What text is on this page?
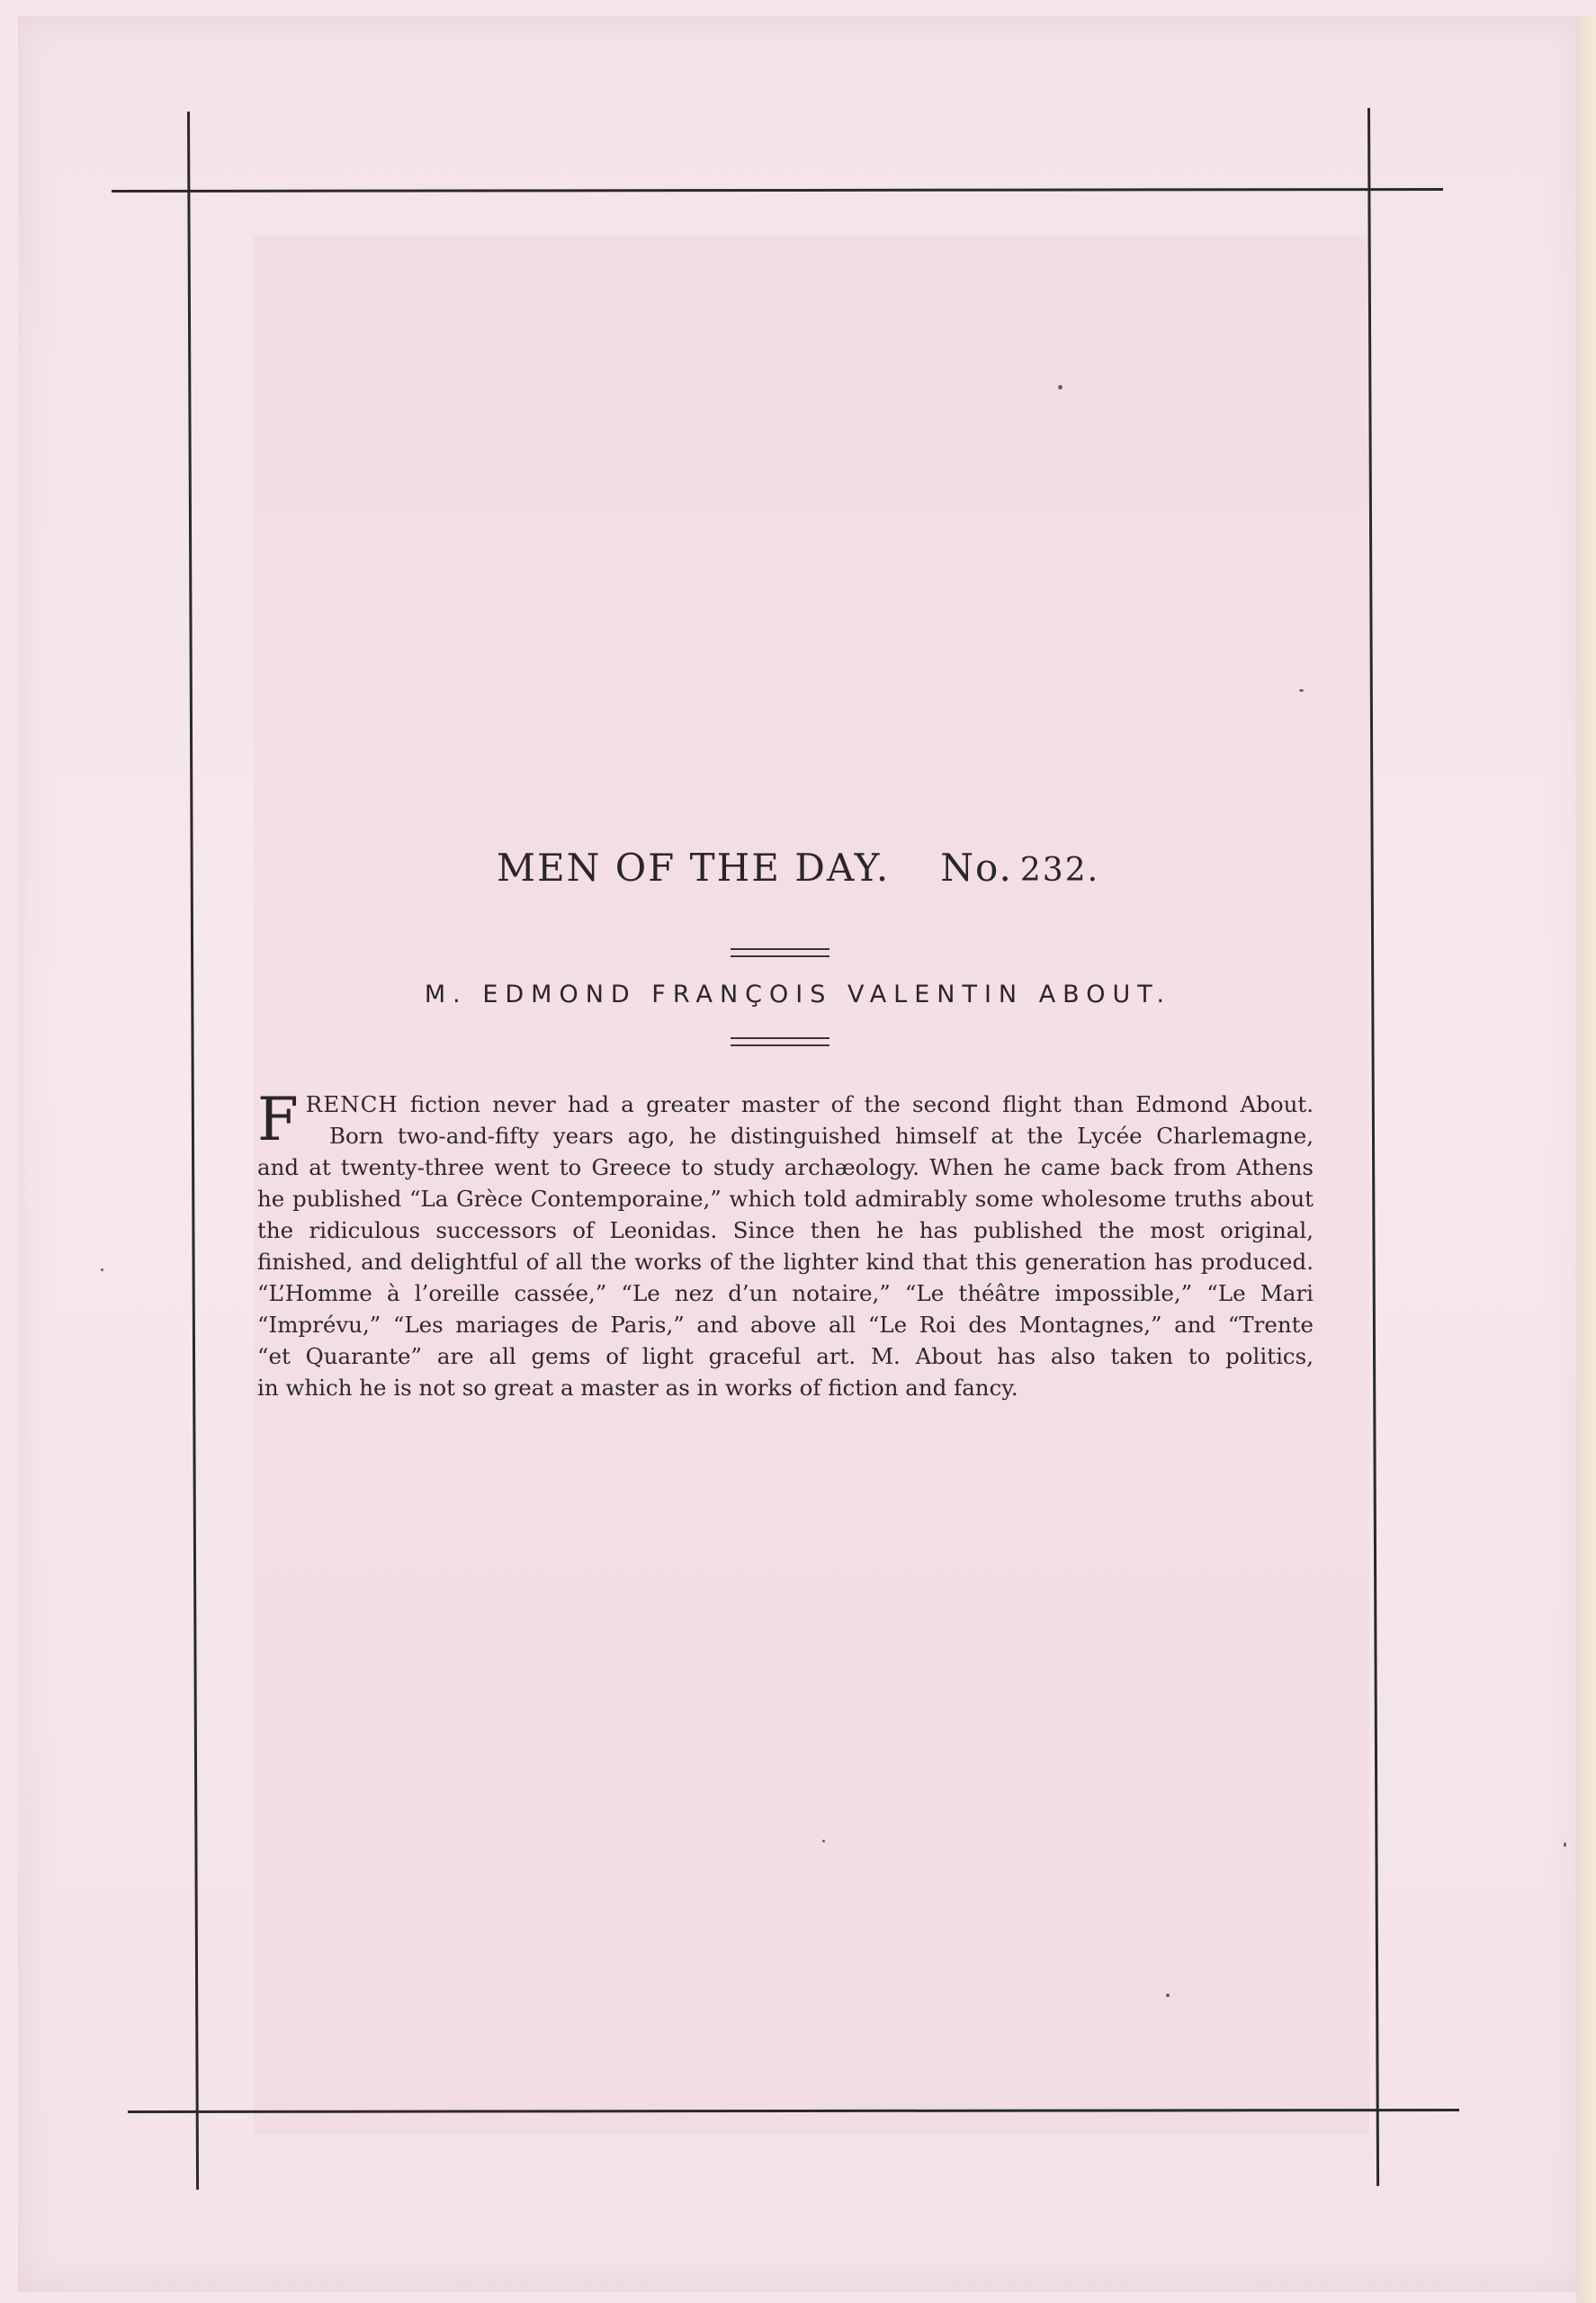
MEN OF THE DAY. No. 232.
M. EDMOND FRANÇOIS VALENTIN ABOUT.
F RENCH fiction never had a greater master of the second flight than Edmond About.
Born two-and-fifty years ago, he distinguished himself at the Lycée Charlemagne,
and at twenty-three went to Greece to study archæology. When he came back from Athens
he published “La Grèce Contemporaine,” which told admirably some wholesome truths about
the ridiculous successors of Leonidas. Since then he has published the most original,
finished, and delightful of all the works of the lighter kind that this generation has produced.
“L’Homme à l’oreille cassée,” “Le nez d’un notaire,” “Le théâtre impossible,” “Le Mari
“Imprévu,” “Les mariages de Paris,” and above all “Le Roi des Montagnes,” and “Trente
“et Quarante” are all gems of light graceful art. M. About has also taken to politics,
in which he is not so great a master as in works of fiction and fancy.
